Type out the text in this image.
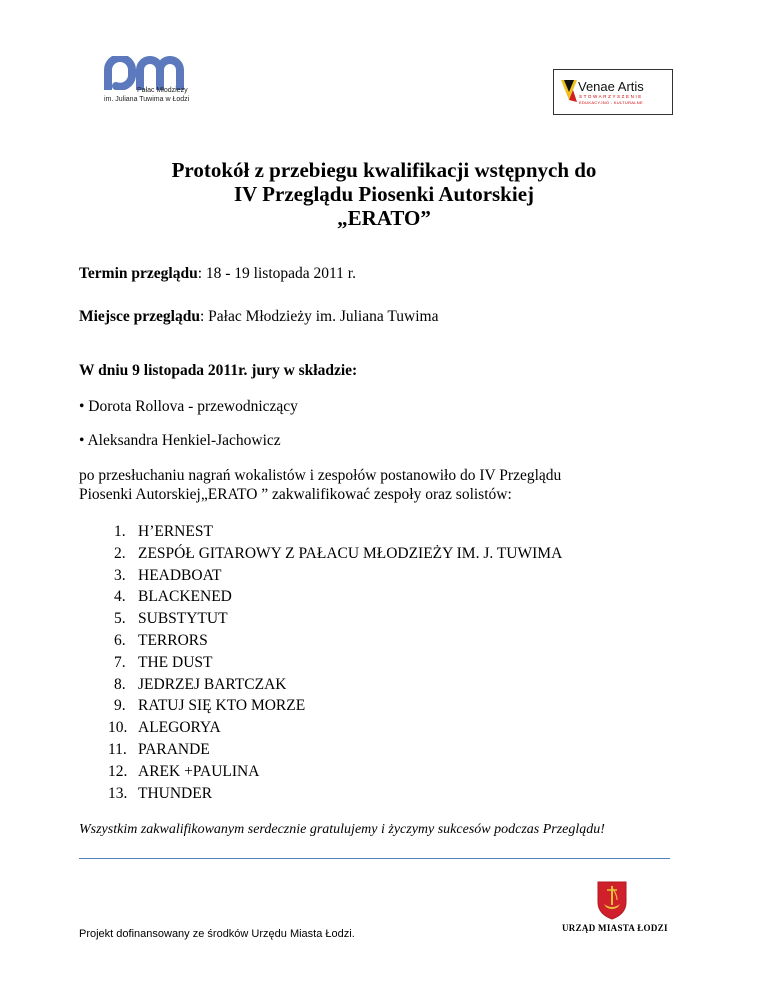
Pałac Młodzieży
im. Juliana Tuwima w Łodzi
Venae Artis
STOWARZYSZENIE
EDUKACYJNO - KULTURALNE
Protokół z przebiegu kwalifikacji wstępnych do
IV Przeglądu Piosenki Autorskiej
„ERATO”
Termin przeglądu: 18 - 19 listopada 2011 r.
Miejsce przeglądu: Pałac Młodzieży im. Juliana Tuwima
W dniu 9 listopada 2011r. jury w składzie:
• Dorota Rollova - przewodniczący
• Aleksandra Henkiel-Jachowicz
po przesłuchaniu nagrań wokalistów i zespołów postanowiło do IV Przeglądu
Piosenki Autorskiej„ERATO ” zakwalifikować zespoły oraz solistów:
1. H’ERNEST
2. ZESPÓŁ GITAROWY Z PAŁACU MŁODZIEŻY IM. J. TUWIMA
3. HEADBOAT
4. BLACKENED
5. SUBSTYTUT
6. TERRORS
7. THE DUST
8. JEDRZEJ BARTCZAK
9. RATUJ SIĘ KTO MORZE
10. ALEGORYA
11. PARANDE
12. AREK +PAULINA
13. THUNDER
Wszystkim zakwalifikowanym serdecznie gratulujemy i życzymy sukcesów podczas Przeglądu!
Projekt dofinansowany ze środków Urzędu Miasta Łodzi.	URZĄD MIASTA ŁODZI
